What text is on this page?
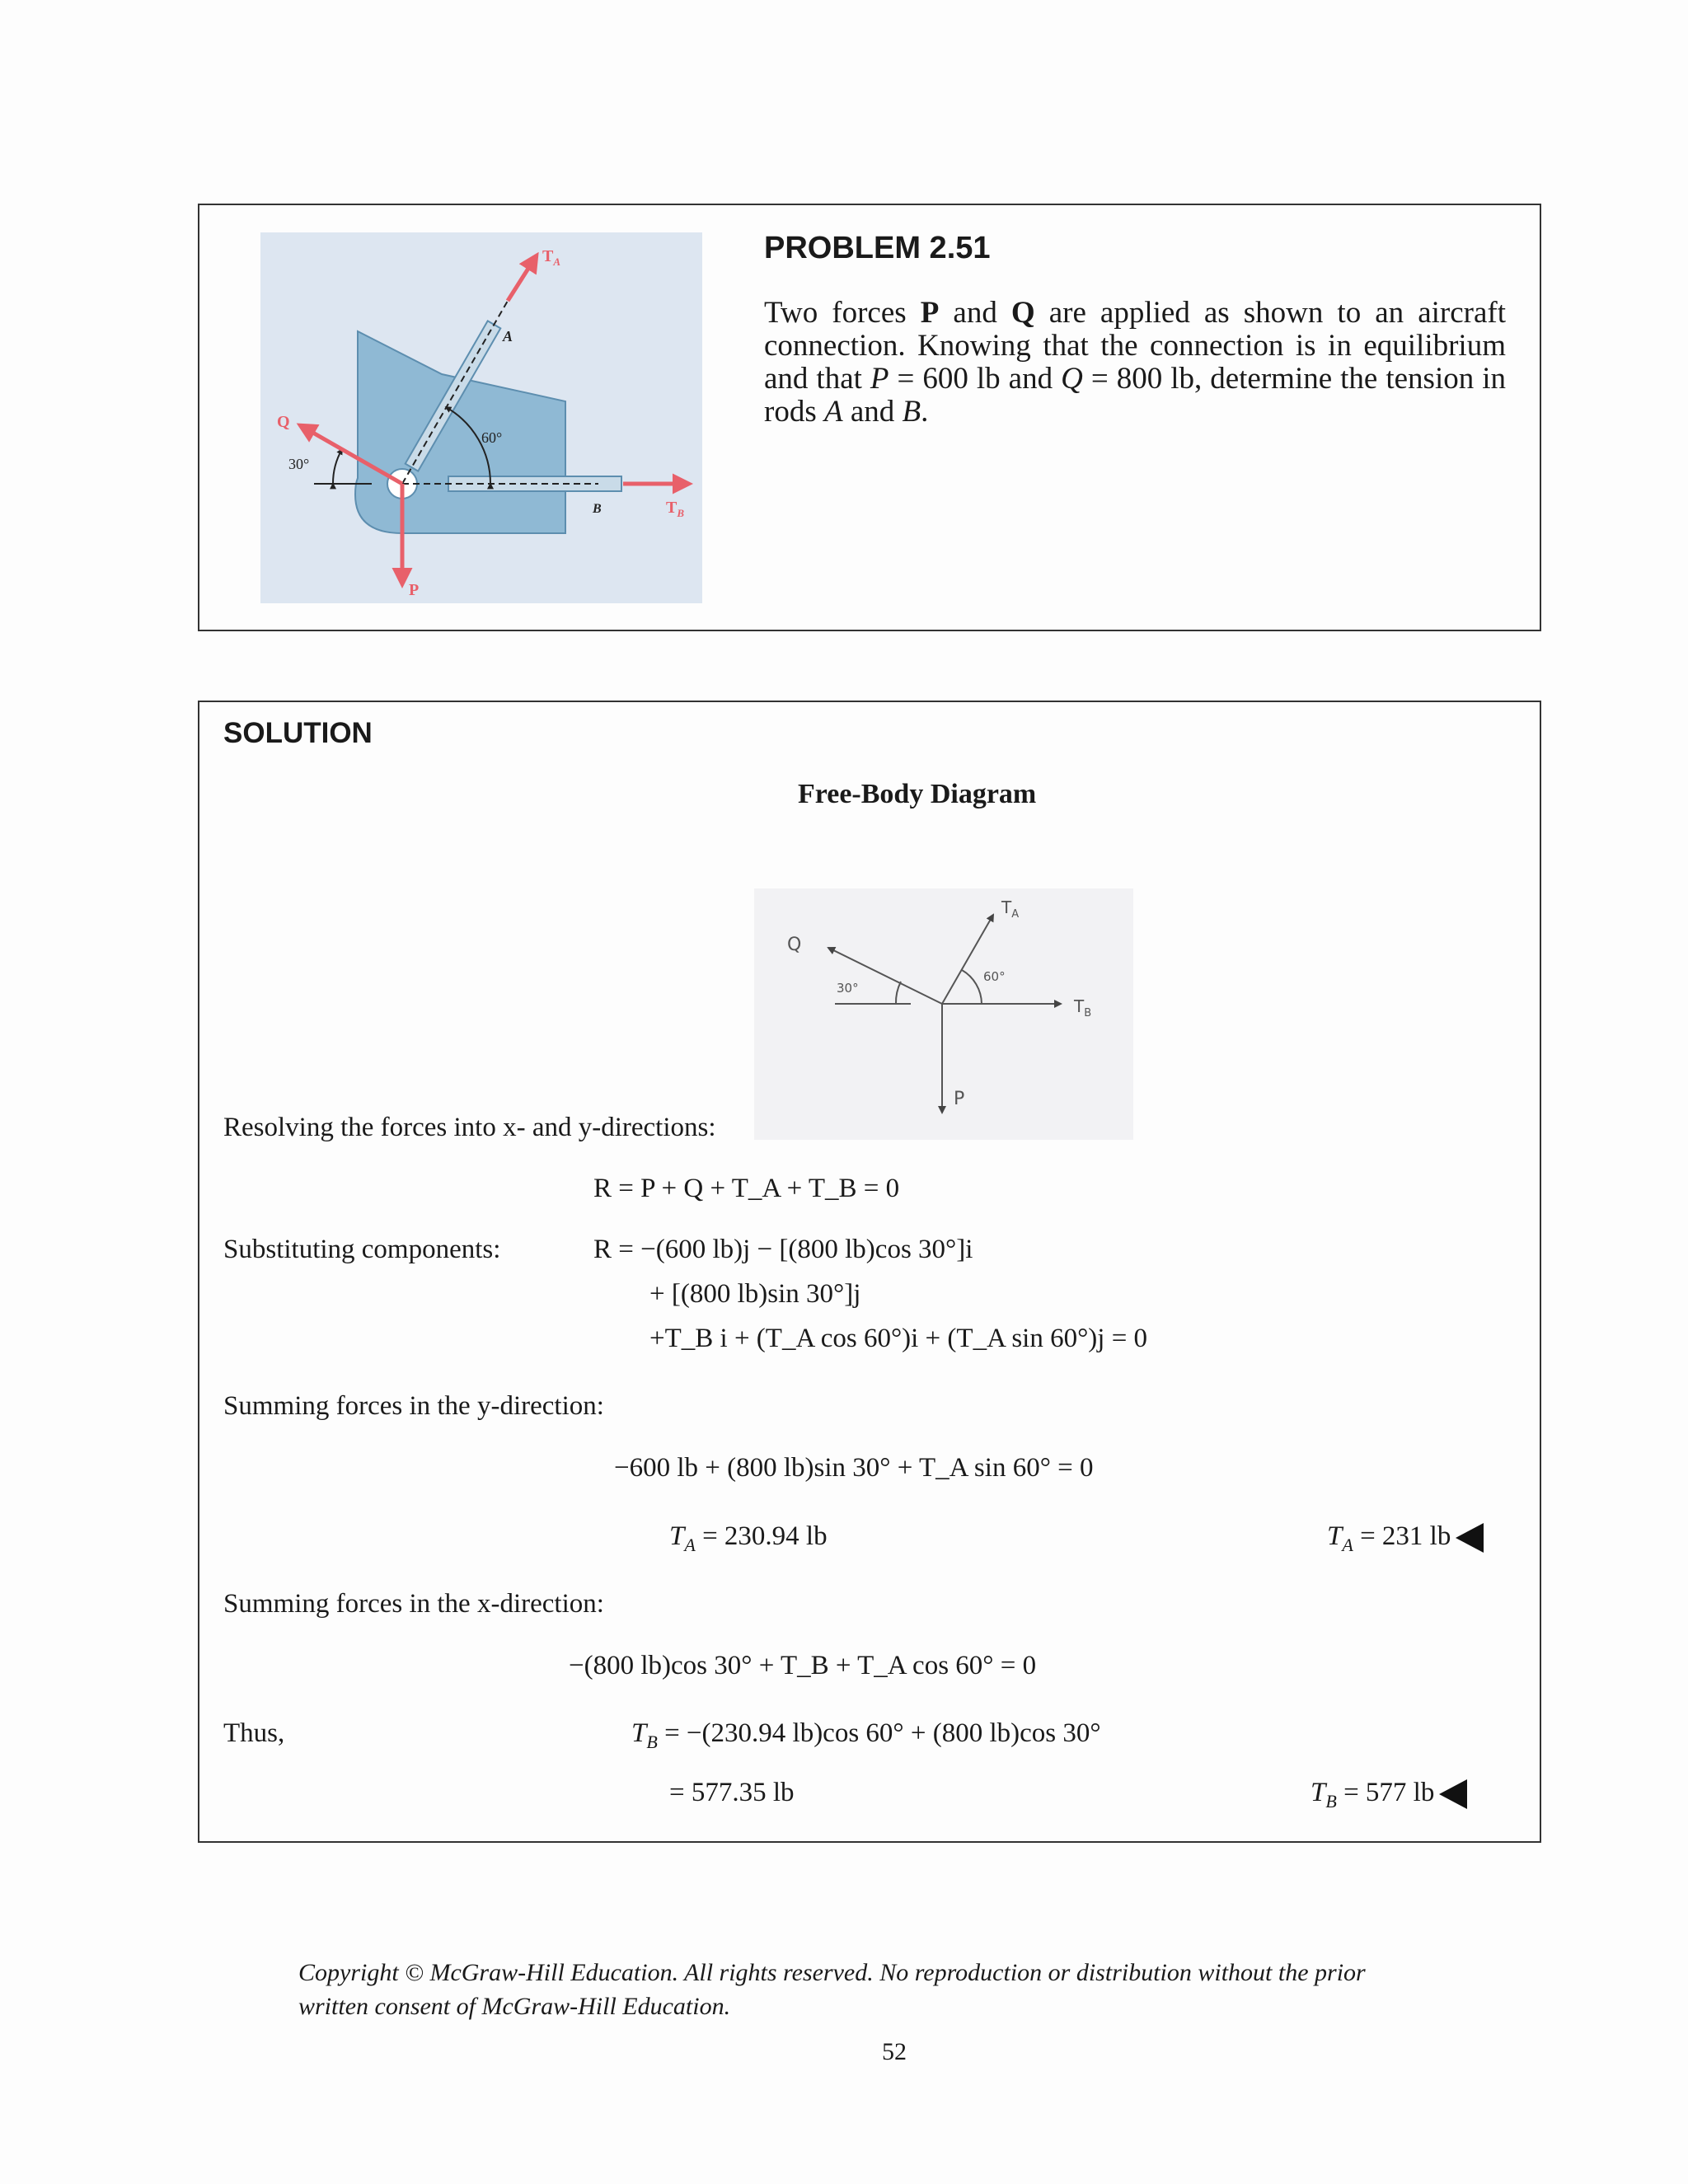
PROBLEM 2.51
Two forces P and Q are applied as shown to an aircraft connection. Knowing that the connection is in equilibrium and that P = 600 lb and Q = 800 lb, determine the tension in rods A and B.
$T_A$
A
Q
30°
60°
B	$T_B$
P
SOLUTION
Free-Body Diagram
Q
30°
60°
$T_A$
$T_B$
P
Resolving the forces into x- and y-directions:
R = P + Q + T_A + T_B = 0
Substituting components:	R = −(600 lb)j − [(800 lb)cos 30°]i
+ [(800 lb)sin 30°]j
+T_B i + (T_A cos 60°)i + (T_A sin 60°)j = 0
Summing forces in the y-direction:
−600 lb + (800 lb)sin 30° + T_A sin 60° = 0
$T_A = 230.94$ lb	$T_A = 231$ lb
Summing forces in the x-direction:
−(800 lb)cos 30° + T_B + T_A cos 60° = 0
Thus,	$T_B = -(230.94$ lb)cos 60° + (800 lb)cos 30°
= 577.35 lb	$T_B = 577$ lb
Copyright © McGraw-Hill Education. All rights reserved. No reproduction or distribution without the prior
written consent of McGraw-Hill Education.
52
